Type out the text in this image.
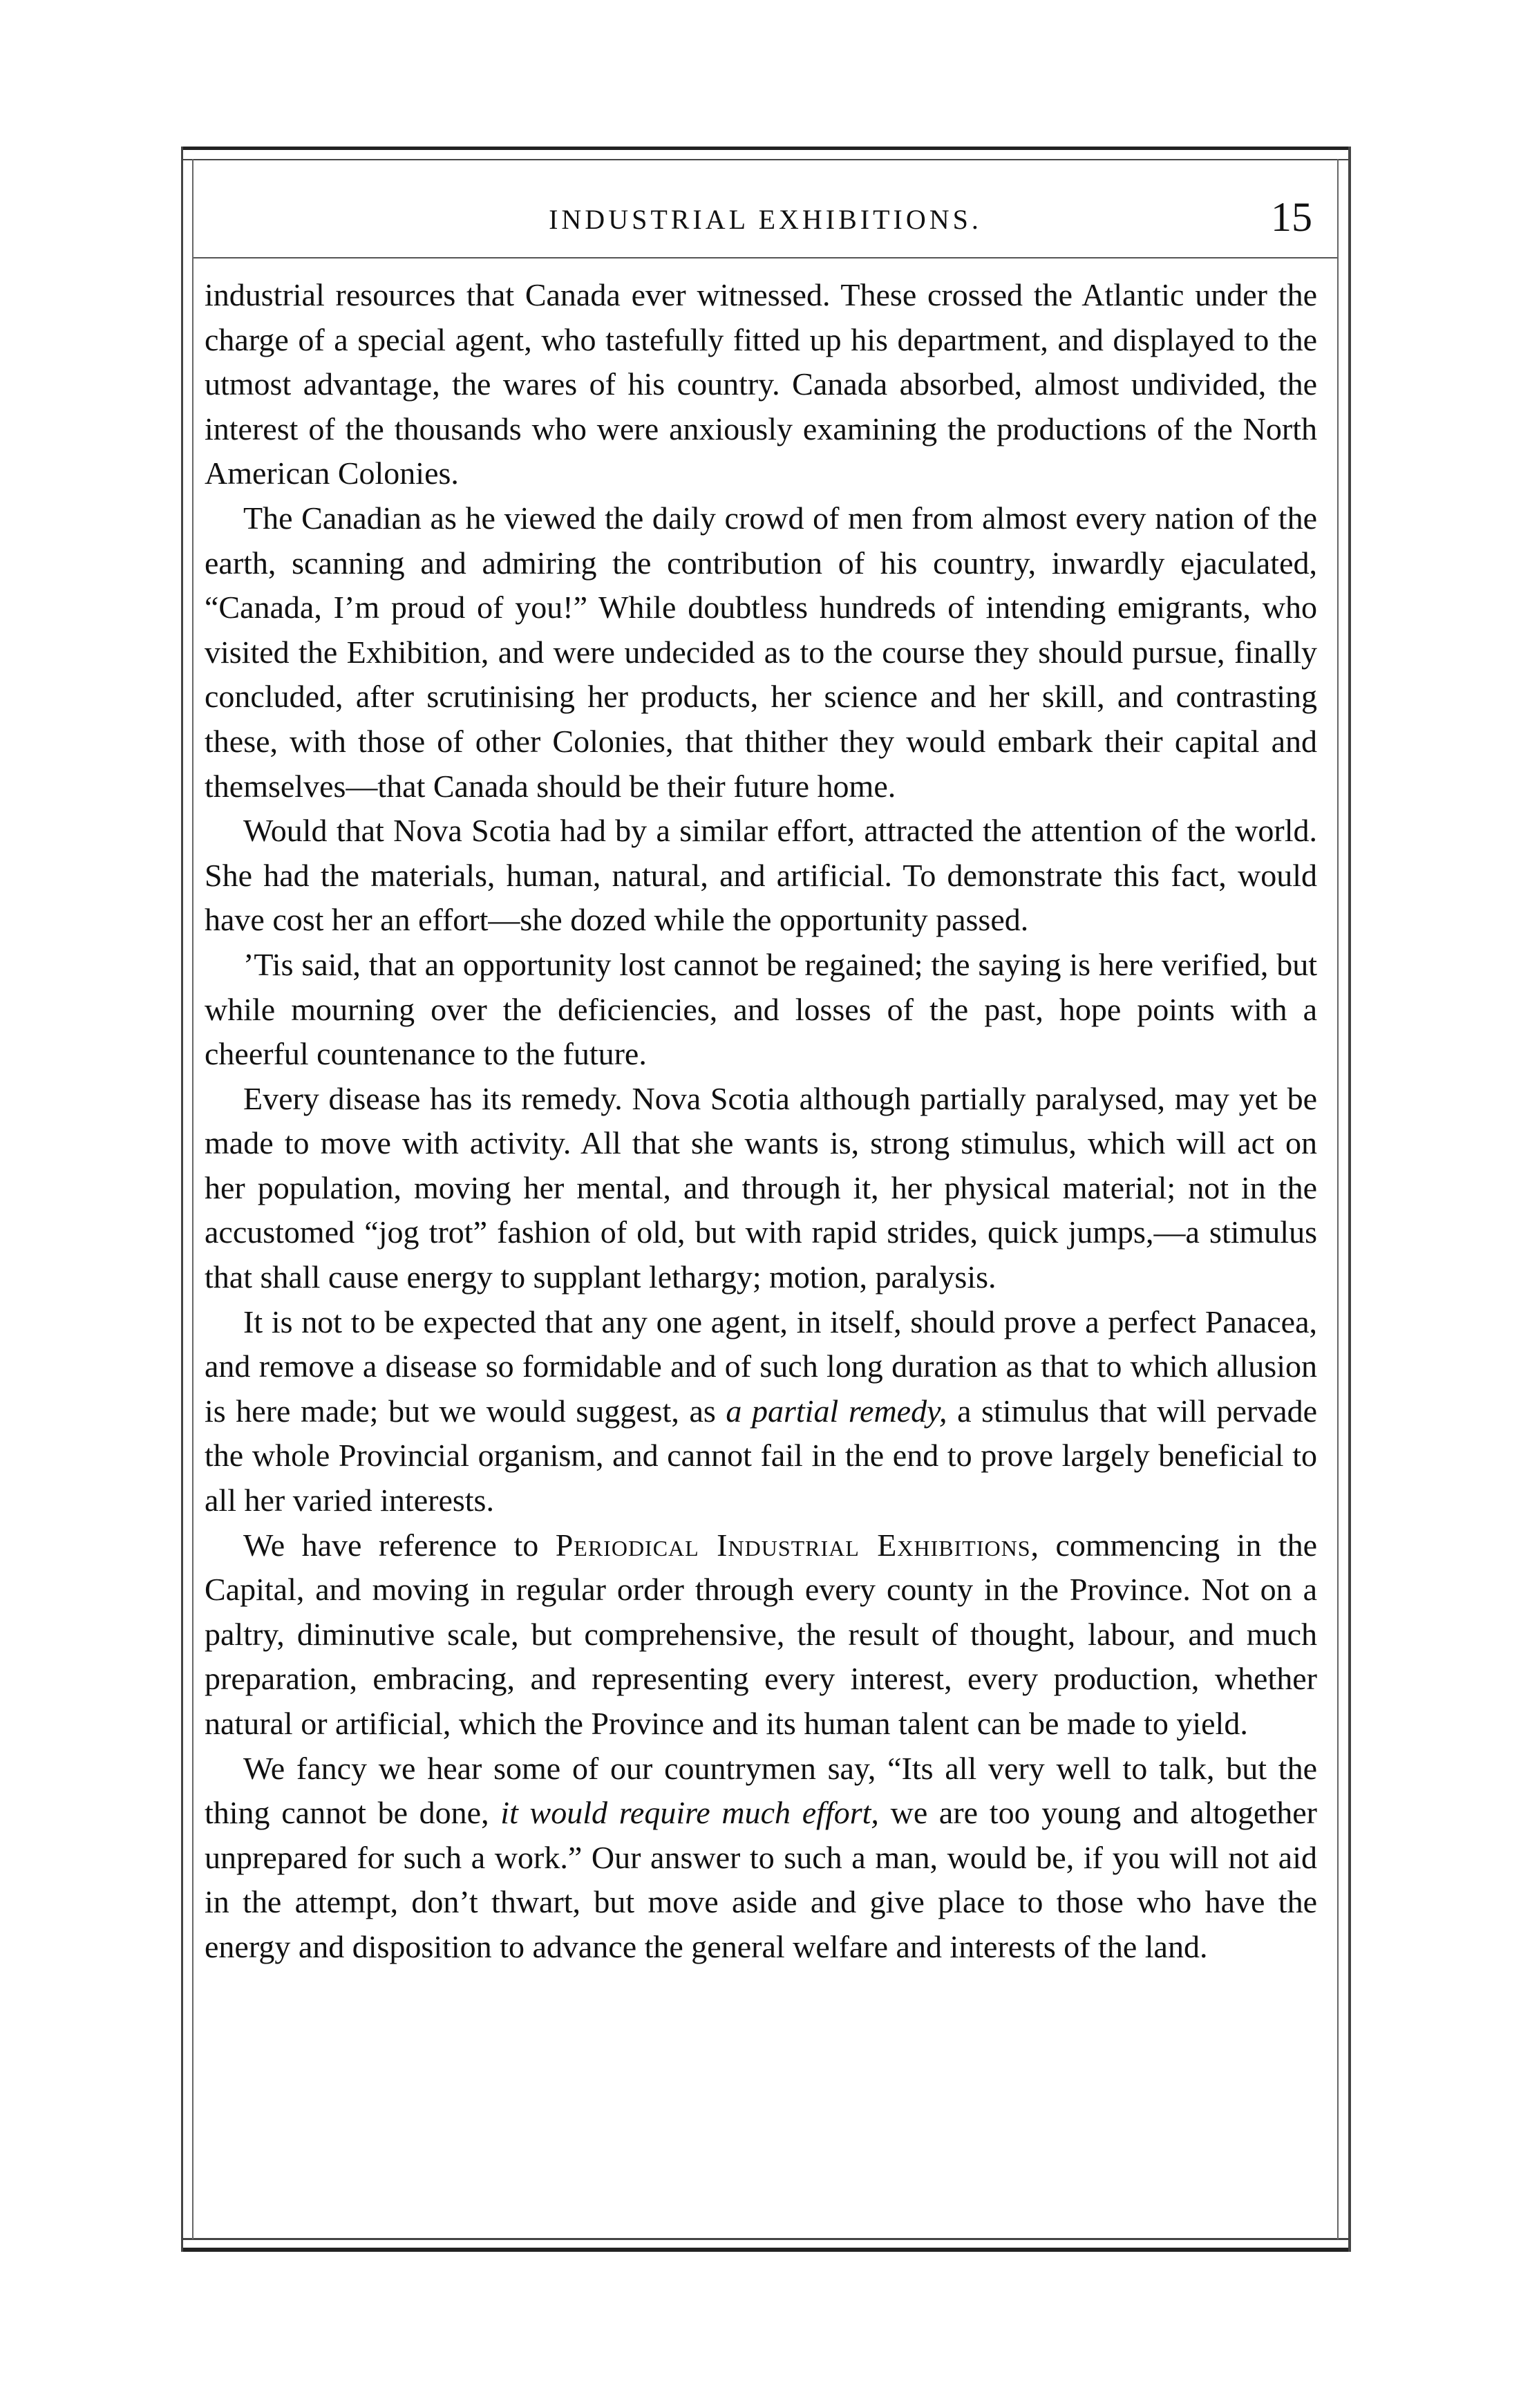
INDUSTRIAL EXHIBITIONS.	15

industrial resources that Canada ever witnessed. These crossed the Atlantic under the charge of a special agent, who tastefully fitted up his department, and displayed to the utmost advantage, the wares of his country. Canada absorbed, almost undivided, the interest of the thousands who were anxiously examining the productions of the North American Colonies.

The Canadian as he viewed the daily crowd of men from almost every nation of the earth, scanning and admiring the contribution of his country, inwardly ejaculated, “Canada, I’m proud of you!” While doubtless hundreds of intending emigrants, who visited the Exhibition, and were undecided as to the course they should pursue, finally concluded, after scrutinising her products, her science and her skill, and contrasting these, with those of other Colonies, that thither they would embark their capital and themselves—that Canada should be their future home.

Would that Nova Scotia had by a similar effort, attracted the attention of the world. She had the materials, human, natural, and artificial. To demonstrate this fact, would have cost her an effort—she dozed while the opportunity passed.

’Tis said, that an opportunity lost cannot be regained; the saying is here verified, but while mourning over the deficiencies, and losses of the past, hope points with a cheerful countenance to the future.

Every disease has its remedy. Nova Scotia although partially paralysed, may yet be made to move with activity. All that she wants is, strong stimulus, which will act on her population, moving her mental, and through it, her physical material; not in the accustomed “jog trot” fashion of old, but with rapid strides, quick jumps,—a stimulus that shall cause energy to supplant lethargy; motion, paralysis.

It is not to be expected that any one agent, in itself, should prove a perfect Panacea, and remove a disease so formidable and of such long duration as that to which allusion is here made; but we would suggest, as a partial remedy, a stimulus that will pervade the whole Provincial organism, and cannot fail in the end to prove largely beneficial to all her varied interests.

We have reference to Periodical Industrial Exhibitions, commencing in the Capital, and moving in regular order through every county in the Province. Not on a paltry, diminutive scale, but comprehensive, the result of thought, labour, and much preparation, embracing, and representing every interest, every production, whether natural or artificial, which the Province and its human talent can be made to yield.

We fancy we hear some of our countrymen say, “Its all very well to talk, but the thing cannot be done, it would require much effort, we are too young and altogether unprepared for such a work.” Our answer to such a man, would be, if you will not aid in the attempt, don’t thwart, but move aside and give place to those who have the energy and disposition to advance the general welfare and interests of the land.
